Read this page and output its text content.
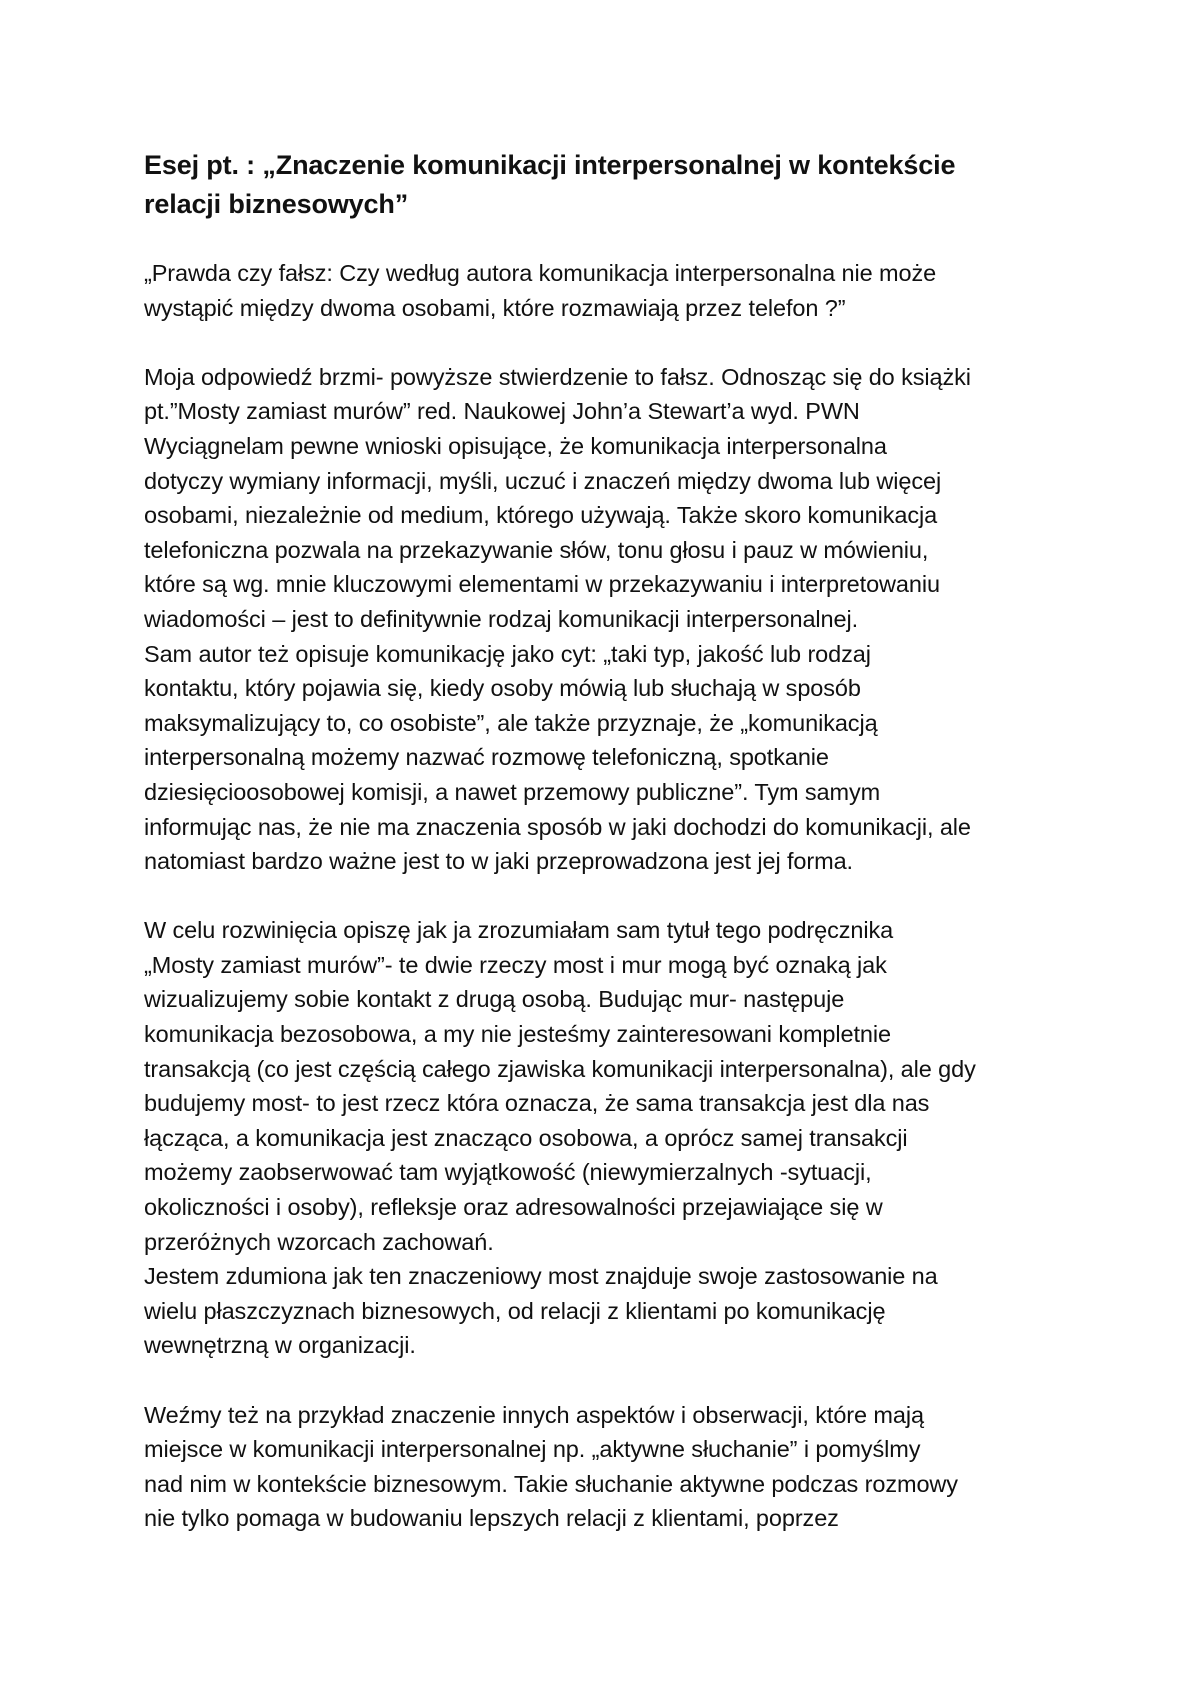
Esej pt. : „Znaczenie komunikacji interpersonalnej w kontekście
relacji biznesowych”
„Prawda czy fałsz: Czy według autora komunikacja interpersonalna nie może
wystąpić między dwoma osobami, które rozmawiają przez telefon ?”
Moja odpowiedź brzmi- powyższe stwierdzenie to fałsz. Odnosząc się do książki
pt.”Mosty zamiast murów” red. Naukowej John’a Stewart’a wyd. PWN
Wyciągnelam pewne wnioski opisujące, że komunikacja interpersonalna
dotyczy wymiany informacji, myśli, uczuć i znaczeń między dwoma lub więcej
osobami, niezależnie od medium, którego używają. Także skoro komunikacja
telefoniczna pozwala na przekazywanie słów, tonu głosu i pauz w mówieniu,
które są wg. mnie kluczowymi elementami w przekazywaniu i interpretowaniu
wiadomości – jest to definitywnie rodzaj komunikacji interpersonalnej.
Sam autor też opisuje komunikację jako cyt: „taki typ, jakość lub rodzaj
kontaktu, który pojawia się, kiedy osoby mówią lub słuchają w sposób
maksymalizujący to, co osobiste”, ale także przyznaje, że „komunikacją
interpersonalną możemy nazwać rozmowę telefoniczną, spotkanie
dziesięcioosobowej komisji, a nawet przemowy publiczne”. Tym samym
informując nas, że nie ma znaczenia sposób w jaki dochodzi do komunikacji, ale
natomiast bardzo ważne jest to w jaki przeprowadzona jest jej forma.
W celu rozwinięcia opiszę jak ja zrozumiałam sam tytuł tego podręcznika
„Mosty zamiast murów”- te dwie rzeczy most i mur mogą być oznaką jak
wizualizujemy sobie kontakt z drugą osobą. Budując mur- następuje
komunikacja bezosobowa, a my nie jesteśmy zainteresowani kompletnie
transakcją (co jest częścią całego zjawiska komunikacji interpersonalna), ale gdy
budujemy most- to jest rzecz która oznacza, że sama transakcja jest dla nas
łącząca, a komunikacja jest znacząco osobowa, a oprócz samej transakcji
możemy zaobserwować tam wyjątkowość (niewymierzalnych -sytuacji,
okoliczności i osoby), refleksje oraz adresowalności przejawiające się w
przeróżnych wzorcach zachowań.
Jestem zdumiona jak ten znaczeniowy most znajduje swoje zastosowanie na
wielu płaszczyznach biznesowych, od relacji z klientami po komunikację
wewnętrzną w organizacji.
Weźmy też na przykład znaczenie innych aspektów i obserwacji, które mają
miejsce w komunikacji interpersonalnej np. „aktywne słuchanie” i pomyślmy
nad nim w kontekście biznesowym. Takie słuchanie aktywne podczas rozmowy
nie tylko pomaga w budowaniu lepszych relacji z klientami, poprzez
